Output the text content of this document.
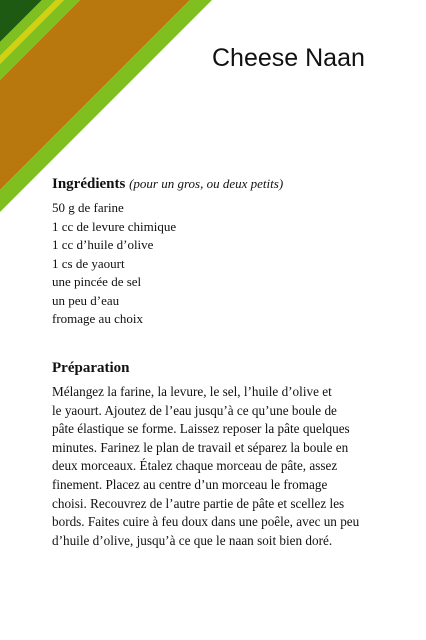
Cheese Naan
Ingrédients (pour un gros, ou deux petits)
50 g de farine
1 cc de levure chimique
1 cc d’huile d’olive
1 cs de yaourt
une pincée de sel
un peu d’eau
fromage au choix
Préparation

Mélangez la farine, la levure, le sel, l’huile d’olive et
le yaourt. Ajoutez de l’eau jusqu’à ce qu’une boule de
pâte élastique se forme. Laissez reposer la pâte quelques
minutes. Farinez le plan de travail et séparez la boule en
deux morceaux. Étalez chaque morceau de pâte, assez
finement. Placez au centre d’un morceau le fromage
choisi. Recouvrez de l’autre partie de pâte et scellez les
bords. Faites cuire à feu doux dans une poêle, avec un peu
d’huile d’olive, jusqu’à ce que le naan soit bien doré.
